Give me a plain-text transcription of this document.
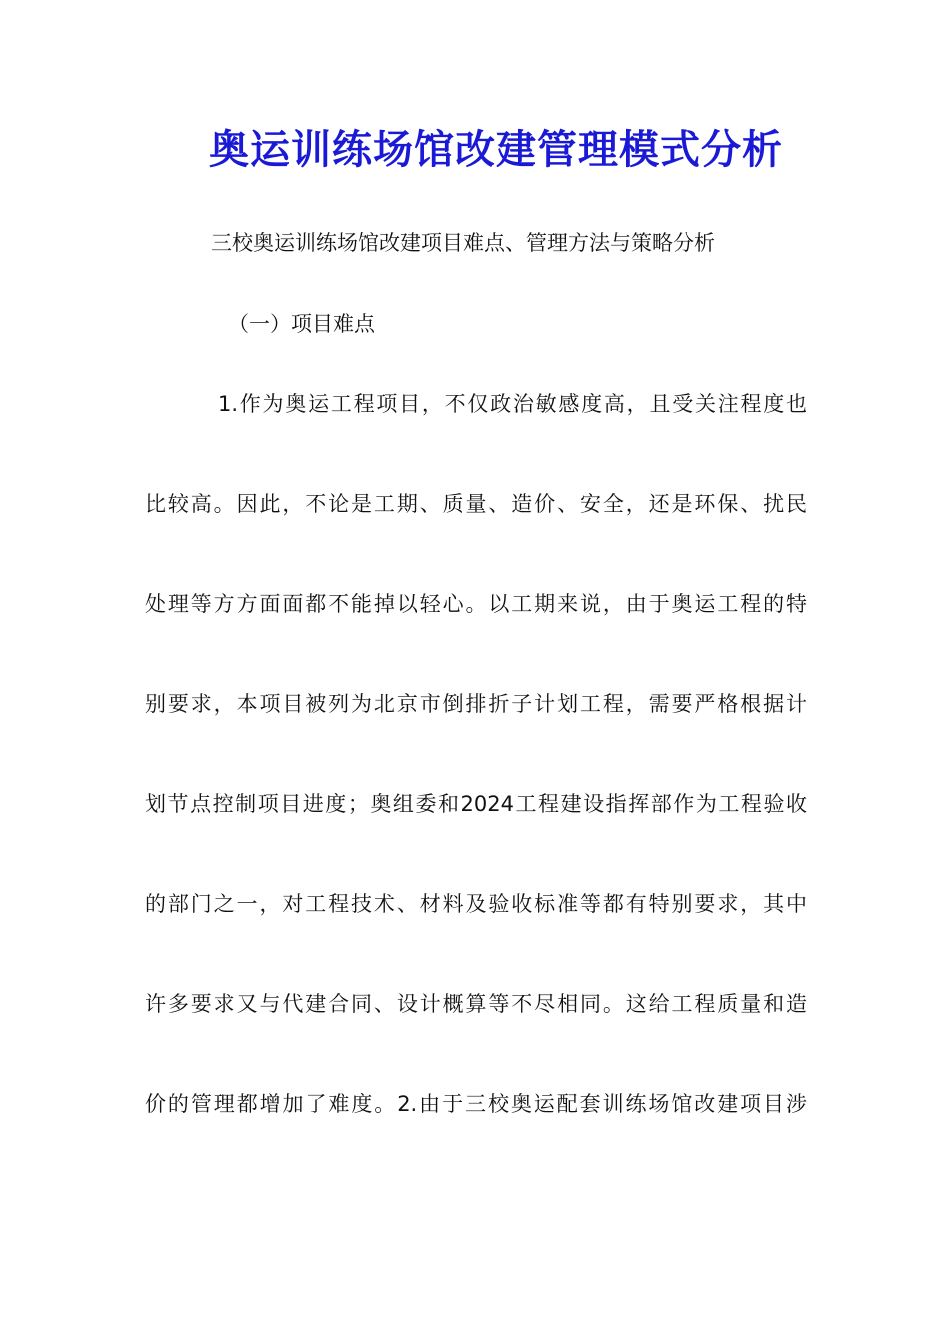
奥运训练场馆改建管理模式分析
三校奥运训练场馆改建项目难点、管理方法与策略分析
（一）项目难点
1.作为奥运工程项目，不仅政治敏感度高，且受关注程度也
比较高。因此，不论是工期、质量、造价、安全，还是环保、扰民
处理等方方面面都不能掉以轻心。以工期来说，由于奥运工程的特
别要求，本项目被列为北京市倒排折子计划工程，需要严格根据计
划节点控制项目进度；奥组委和2024工程建设指挥部作为工程验收
的部门之一，对工程技术、材料及验收标准等都有特别要求，其中
许多要求又与代建合同、设计概算等不尽相同。这给工程质量和造
价的管理都增加了难度。2.由于三校奥运配套训练场馆改建项目涉
